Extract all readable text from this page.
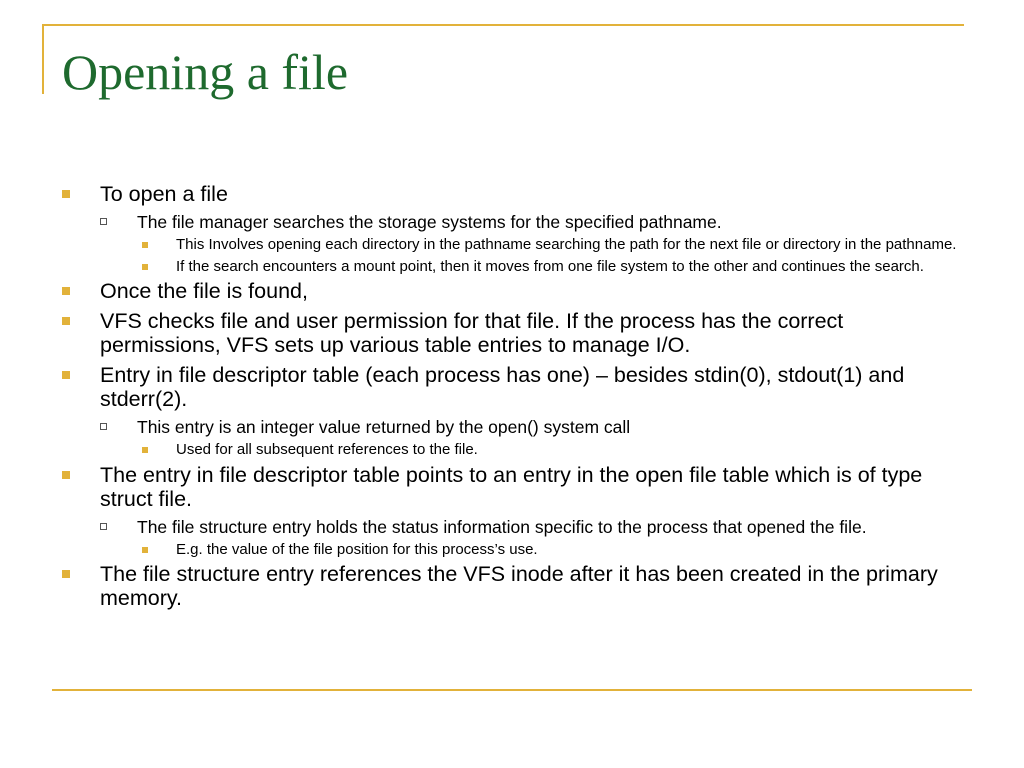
Opening a file
To open a file
The file manager searches the storage systems for the specified pathname.
This Involves opening each directory in the pathname searching the path for the next file or directory in the pathname.
If the search encounters a mount point, then it moves from one file system to the other and continues the search.
Once the file is found,
VFS checks file and user permission for that file. If the process has the correct permissions, VFS sets up various table entries to manage I/O.
Entry in file descriptor table (each process has one) – besides stdin(0), stdout(1) and stderr(2).
This entry is an integer value returned by the open() system call
Used for all subsequent references to the file.
The entry in file descriptor table points to an entry in the open file table which is of type struct file.
The file structure entry holds the status information specific to the process that opened the file.
E.g. the value of the file position for this process’s use.
The file structure entry references the VFS inode after it has been created in the primary memory.
